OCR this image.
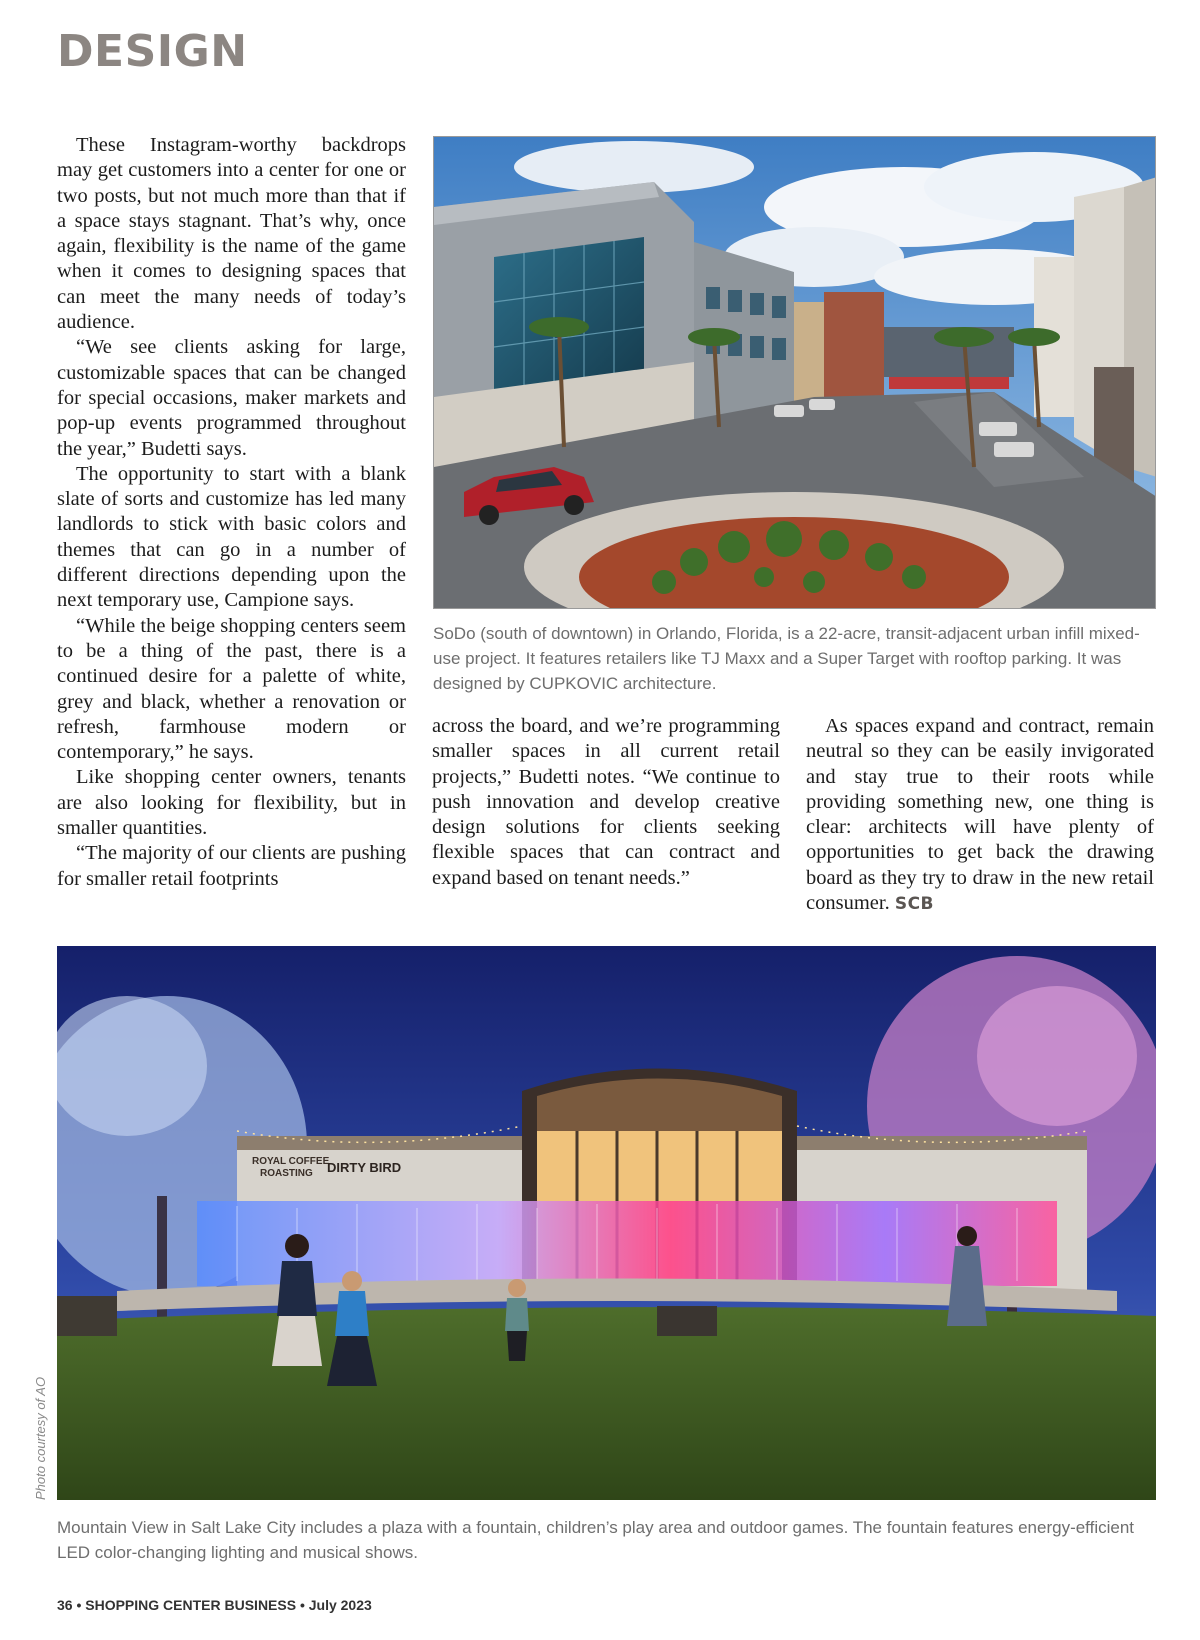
DESIGN

These Instagram-worthy backdrops may get customers into a center for one or two posts, but not much more than that if a space stays stagnant. That’s why, once again, flexibility is the name of the game when it comes to designing spaces that can meet the many needs of today’s audience.

“We see clients asking for large, customizable spaces that can be changed for special occasions, maker markets and pop-up events programmed throughout the year,” Budetti says.

The opportunity to start with a blank slate of sorts and customize has led many landlords to stick with basic colors and themes that can go in a number of different directions depending upon the next temporary use, Campione says.

“While the beige shopping centers seem to be a thing of the past, there is a continued desire for a palette of white, grey and black, whether a renovation or refresh, farmhouse modern or contemporary,” he says.

Like shopping center owners, tenants are also looking for flexibility, but in smaller quantities.

“The majority of our clients are pushing for smaller retail footprints

SoDo (south of downtown) in Orlando, Florida, is a 22-acre, transit-adjacent urban infill mixed-use project. It features retailers like TJ Maxx and a Super Target with rooftop parking. It was designed by CUPKOVIC architecture.

across the board, and we’re programming smaller spaces in all current retail projects,” Budetti notes. “We continue to push innovation and develop creative design solutions for clients seeking flexible spaces that can contract and expand based on tenant needs.”

As spaces expand and contract, remain neutral so they can be easily invigorated and stay true to their roots while providing something new, one thing is clear: architects will have plenty of opportunities to get back the drawing board as they try to draw in the new retail consumer. SCB

ROYAL COFFEE
ROASTING DIRTY BIRD
Photo courtesy of AO
Mountain View in Salt Lake City includes a plaza with a fountain, children’s play area and outdoor games. The fountain features energy-efficient LED color-changing lighting and musical shows.
36 • SHOPPING CENTER BUSINESS • July 2023
